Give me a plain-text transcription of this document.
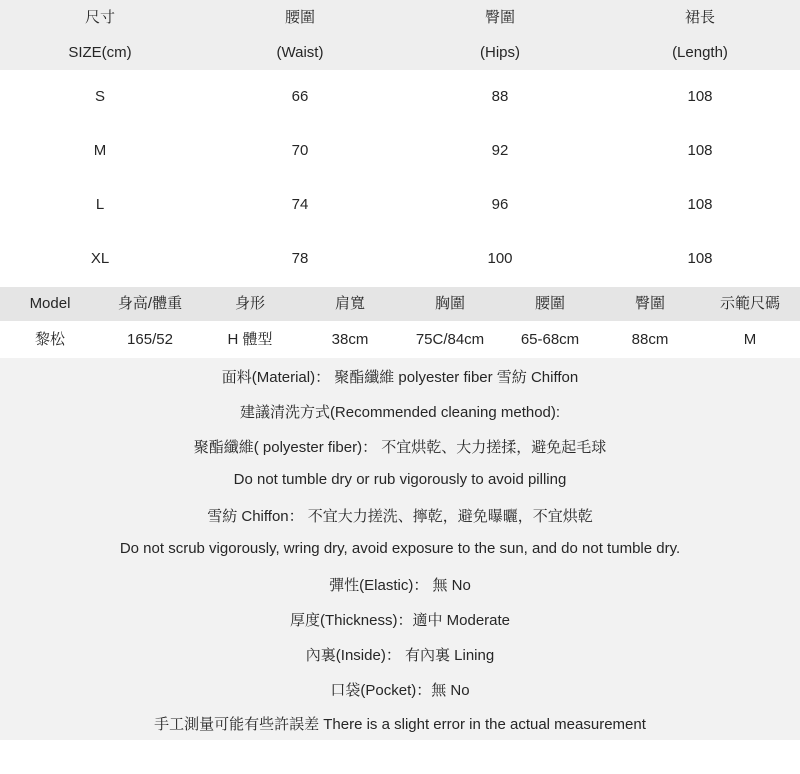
尺寸	腰圍	臀圍	裙長
SIZE(cm)	(Waist)	(Hips)	(Length)
S	66	88	108
M	70	92	108
L	74	96	108
XL	78	100	108
Model	身高/體重	身形	肩寬	胸圍	腰圍	臀圍	示範尺碼
黎松	165/52	H 體型	38cm	75C/84cm	65-68cm	88cm	M
面料(Material)： 聚酯纖維 polyester fiber 雪紡 Chiffon
建議清洗方式(Recommended cleaning method):
聚酯纖維( polyester fiber)： 不宜烘乾、大力搓揉，避免起毛球
Do not tumble dry or rub vigorously to avoid pilling
雪紡 Chiffon： 不宜大力搓洗、擰乾，避免曝曬，不宜烘乾
Do not scrub vigorously, wring dry, avoid exposure to the sun, and do not tumble dry.
彈性(Elastic)： 無 No
厚度(Thickness)：適中 Moderate
內裏(Inside)： 有內裏 Lining
口袋(Pocket)：無 No
手工測量可能有些許誤差 There is a slight error in the actual measurement
